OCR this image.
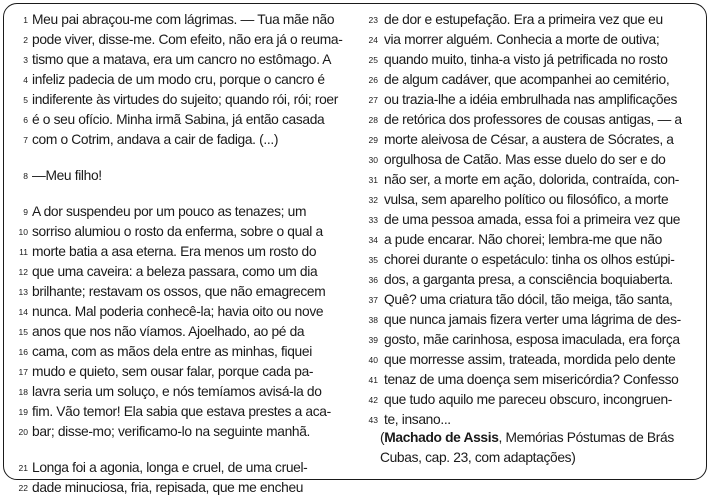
1 Meu pai abraçou-me com lágrimas. — Tua mãe não
2 pode viver, disse-me. Com efeito, não era já o reuma-
3 tismo que a matava, era um cancro no estômago. A
4 infeliz padecia de um modo cru, porque o cancro é
5 indiferente às virtudes do sujeito; quando rói, rói; roer
6 é o seu ofício. Minha irmã Sabina, já então casada
7 com o Cotrim, andava a cair de fadiga. (...)
8 —Meu filho!
9 A dor suspendeu por um pouco as tenazes; um
10 sorriso alumiou o rosto da enferma, sobre o qual a
11 morte batia a asa eterna. Era menos um rosto do
12 que uma caveira: a beleza passara, como um dia
13 brilhante; restavam os ossos, que não emagrecem
14 nunca. Mal poderia conhecê-la; havia oito ou nove
15 anos que nos não víamos. Ajoelhado, ao pé da
16 cama, com as mãos dela entre as minhas, fiquei
17 mudo e quieto, sem ousar falar, porque cada pa-
18 lavra seria um soluço, e nós temíamos avisá-la do
19 fim. Vão temor! Ela sabia que estava prestes a aca-
20 bar; disse-mo; verificamo-lo na seguinte manhã.
21 Longa foi a agonia, longa e cruel, de uma cruel-
22 dade minuciosa, fria, repisada, que me encheu
23 de dor e estupefação. Era a primeira vez que eu
24 via morrer alguém. Conhecia a morte de outiva;
25 quando muito, tinha-a visto já petrificada no rosto
26 de algum cadáver, que acompanhei ao cemitério,
27 ou trazia-lhe a idéia embrulhada nas amplificações
28 de retórica dos professores de cousas antigas, — a
29 morte aleivosa de César, a austera de Sócrates, a
30 orgulhosa de Catão. Mas esse duelo do ser e do
31 não ser, a morte em ação, dolorida, contraída, con-
32 vulsa, sem aparelho político ou filosófico, a morte
33 de uma pessoa amada, essa foi a primeira vez que
34 a pude encarar. Não chorei; lembra-me que não
35 chorei durante o espetáculo: tinha os olhos estúpi-
36 dos, a garganta presa, a consciência boquiaberta.
37 Quê? uma criatura tão dócil, tão meiga, tão santa,
38 que nunca jamais fizera verter uma lágrima de des-
39 gosto, mãe carinhosa, esposa imaculada, era força
40 que morresse assim, trateada, mordida pelo dente
41 tenaz de uma doença sem misericórdia? Confesso
42 que tudo aquilo me pareceu obscuro, incongruen-
43 te, insano...
(Machado de Assis, Memórias Póstumas de Brás Cubas, cap. 23, com adaptações)
